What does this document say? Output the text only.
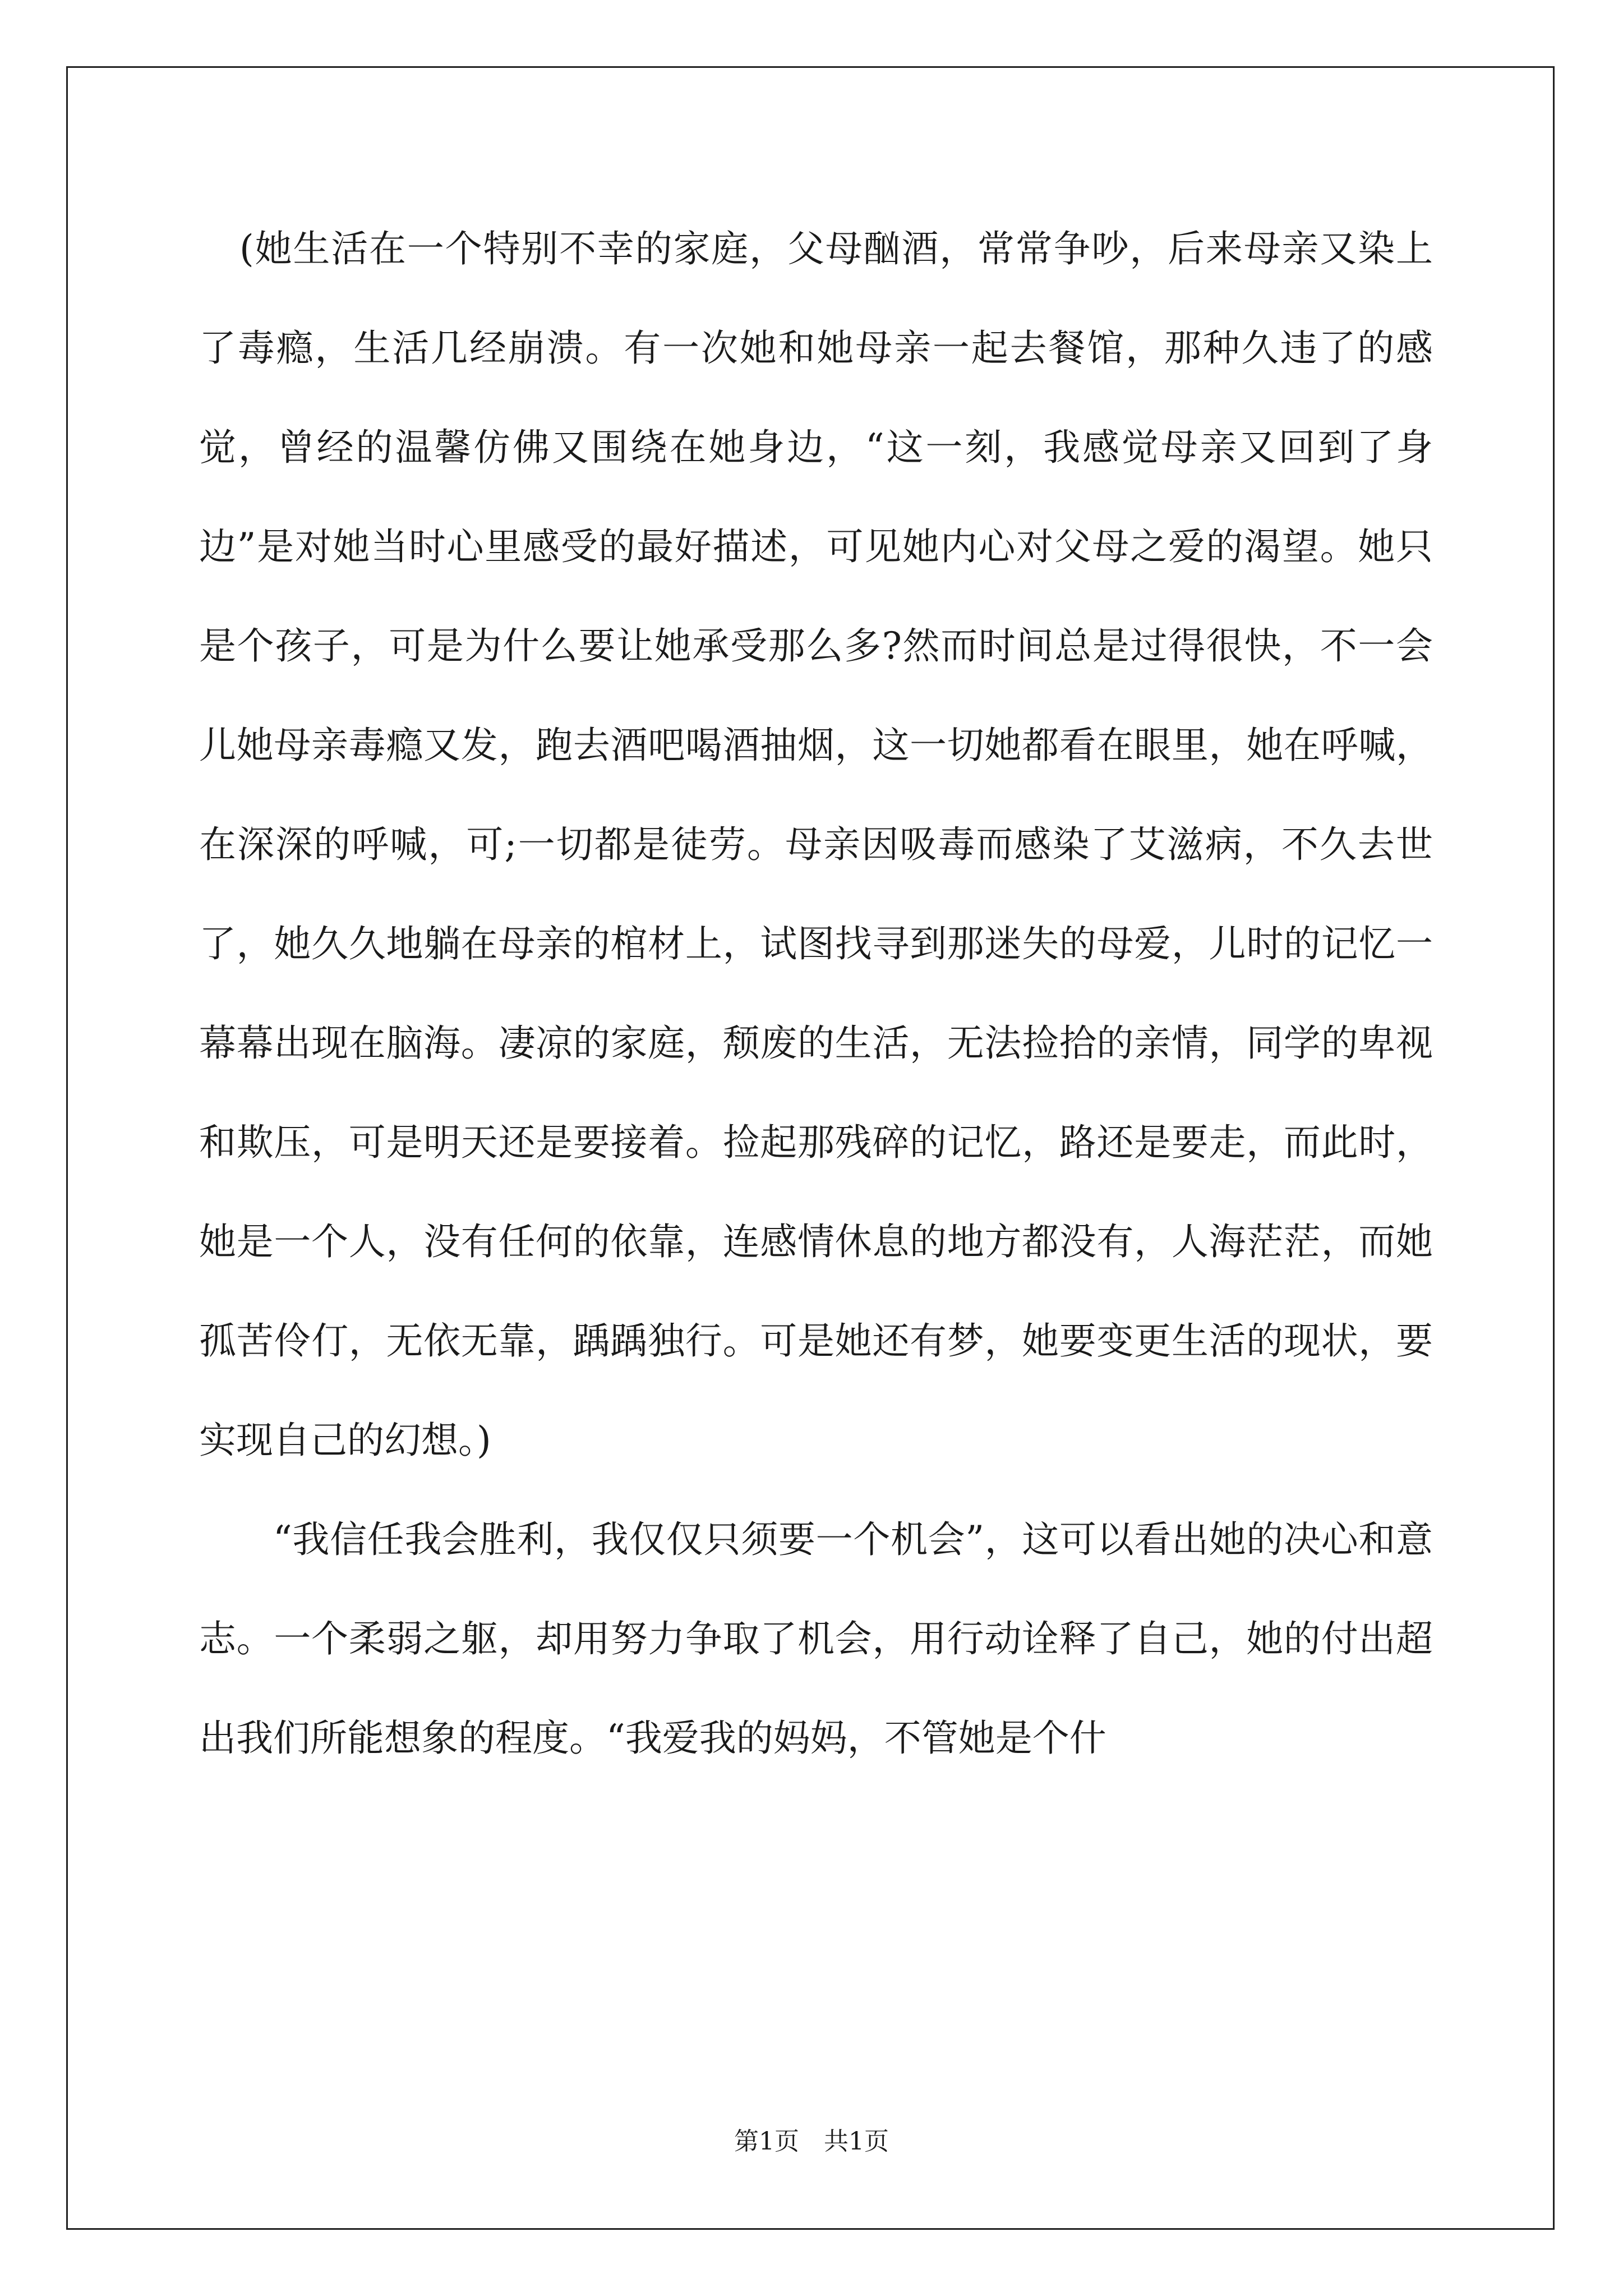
(她生活在一个特别不幸的家庭，父母酗酒，常常争吵，后来母亲又染上了毒瘾，生活几经崩溃。有一次她和她母亲一起去餐馆，那种久违了的感觉，曾经的温馨仿佛又围绕在她身边，“这一刻，我感觉母亲又回到了身边”是对她当时心里感受的最好描述，可见她内心对父母之爱的渴望。她只是个孩子，可是为什么要让她承受那么多?然而时间总是过得很快，不一会儿她母亲毒瘾又发，跑去酒吧喝酒抽烟，这一切她都看在眼里，她在呼喊，在深深的呼喊，可;一切都是徒劳。母亲因吸毒而感染了艾滋病，不久去世了，她久久地躺在母亲的棺材上，试图找寻到那迷失的母爱，儿时的记忆一幕幕出现在脑海。凄凉的家庭，颓废的生活，无法捡拾的亲情，同学的卑视和欺压，可是明天还是要接着。捡起那残碎的记忆，路还是要走，而此时，她是一个人，没有任何的依靠，连感情休息的地方都没有，人海茫茫，而她孤苦伶仃，无依无靠，踽踽独行。可是她还有梦，她要变更生活的现状，要实现自己的幻想。)

“我信任我会胜利，我仅仅只须要一个机会”，这可以看出她的决心和意志。一个柔弱之躯，却用努力争取了机会，用行动诠释了自己，她的付出超出我们所能想象的程度。“我爱我的妈妈，不管她是个什

第1页　共1页
